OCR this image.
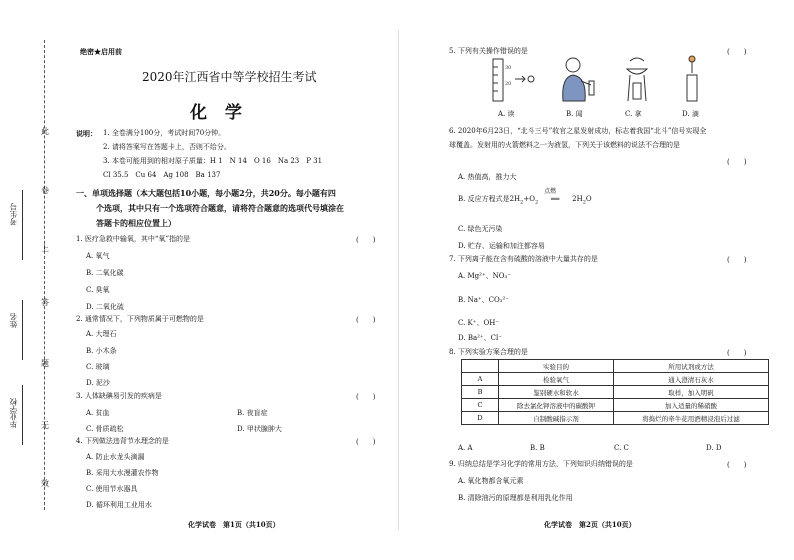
此
卷
上
答
题
无
效
考生号
姓名
毕业学校
绝密★启用前
2020年江西省中等学校招生考试
化 学
说明： 1. 全卷满分100分，考试时间70分钟。
2. 请将答案写在答题卡上，否则不给分。
3. 本卷可能用到的相对原子质量：H 1　N 14　O 16　Na 23　P 31
Cl 35.5　Cu 64　Ag 108　Ba 137
一、单项选择题（本大题包括10小题，每小题2分，共20分。每小题有四
个选项，其中只有一个选项符合题意，请将符合题意的选项代号填涂在
答题卡的相应位置上）
1. 医疗急救中输氧，其中“氧”指的是	(　　)
A. 氧气
B. 二氧化碳
C. 臭氧
D. 二氧化硫
2. 通常情况下，下列物质属于可燃物的是	(　　)
A. 大理石
B. 小木条
C. 玻璃
D. 泥沙
3. 人体缺碘易引发的疾病是	(　　)
A. 贫血	B. 夜盲症
C. 骨质疏松	D. 甲状腺肿大
4. 下列做法违背节水理念的是	(　　)
A. 防止水龙头滴漏
B. 采用大水漫灌农作物
C. 使用节水器具
D. 循环利用工业用水
化学试卷　第1页（共10页）
5. 下列有关操作错误的是	(　　)
30
20
A. 读	B. 闻	C. 拿	D. 滴
6. 2020年6月23日，“北斗三号”收官之星发射成功，标志着我国“北斗”信号实现全
球覆盖。发射用的火箭燃料之一为液氢，下列关于该燃料的说法不合理的是
(　　)
A. 热值高，推力大
B. 反应方程式是$2H_2+O_2$
点燃
══ $2H_2O$
C. 绿色无污染
D. 贮存、运输和加注都容易
7. 下列离子能在含有硫酸的溶液中大量共存的是	(　　)
A. Mg²⁺、NO₃⁻
B. Na⁺、CO₃²⁻
C. K⁺、OH⁻
D. Ba²⁺、Cl⁻
8. 下列实验方案合理的是	(　　)
	实验目的	所用试剂或方法
A	检验氧气	通入澄清石灰水
B	鉴别硬水和软水	取样，加入明矾
C	除去氯化钾溶液中的碳酸钾	加入适量的稀硝酸
D	自制酸碱指示剂	将捣烂的牵牛花用酒精浸泡后过滤
A. A	B. B	C. C	D. D
9. 归纳总结是学习化学的常用方法，下列知识归纳错误的是	(　　)
A. 氧化物都含氧元素
B. 清除油污的原理都是利用乳化作用
化学试卷　第2页（共10页）
